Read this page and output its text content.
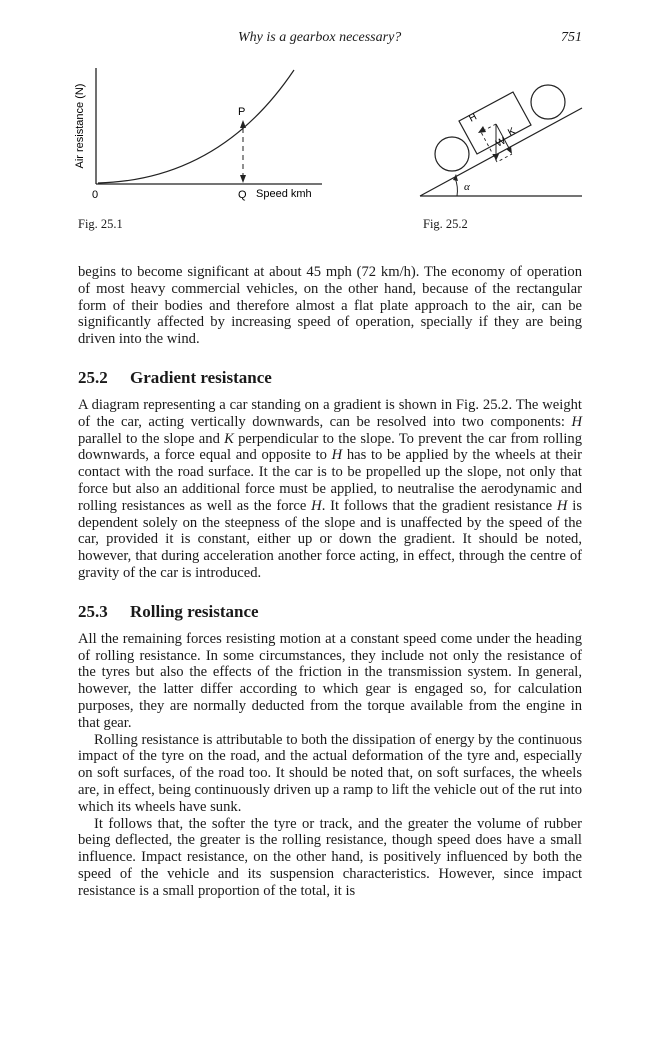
Why is a gearbox necessary?	751
Air resistance (N)
0
P
Q Speed kmh
Fig. 25.1
H
K
W
α
Fig. 25.2

begins to become significant at about 45 mph (72 km/h). The economy of operation of most heavy commercial vehicles, on the other hand, because of the rectangular form of their bodies and therefore almost a flat plate approach to the air, can be significantly affected by increasing speed of operation, specially if they are being driven into the wind.

25.2 Gradient resistance

A diagram representing a car standing on a gradient is shown in Fig. 25.2. The weight of the car, acting vertically downwards, can be resolved into two components: H parallel to the slope and K perpendicular to the slope. To prevent the car from rolling downwards, a force equal and opposite to H has to be applied by the wheels at their contact with the road surface. It the car is to be propelled up the slope, not only that force but also an additional force must be applied, to neutralise the aerodynamic and rolling resistances as well as the force H. It follows that the gradient resistance H is dependent solely on the steepness of the slope and is unaffected by the speed of the car, provided it is constant, either up or down the gradient. It should be noted, however, that during acceleration another force acting, in effect, through the centre of gravity of the car is introduced.

25.3 Rolling resistance

All the remaining forces resisting motion at a constant speed come under the heading of rolling resistance. In some circumstances, they include not only the resistance of the tyres but also the effects of the friction in the transmission system. In general, however, the latter differ according to which gear is engaged so, for calculation purposes, they are normally deducted from the torque available from the engine in that gear.

Rolling resistance is attributable to both the dissipation of energy by the continuous impact of the tyre on the road, and the actual deformation of the tyre and, especially on soft surfaces, of the road too. It should be noted that, on soft surfaces, the wheels are, in effect, being continuously driven up a ramp to lift the vehicle out of the rut into which its wheels have sunk.

It follows that, the softer the tyre or track, and the greater the volume of rubber being deflected, the greater is the rolling resistance, though speed does have a small influence. Impact resistance, on the other hand, is positively influenced by both the speed of the vehicle and its suspension characteristics. However, since impact resistance is a small proportion of the total, it is
